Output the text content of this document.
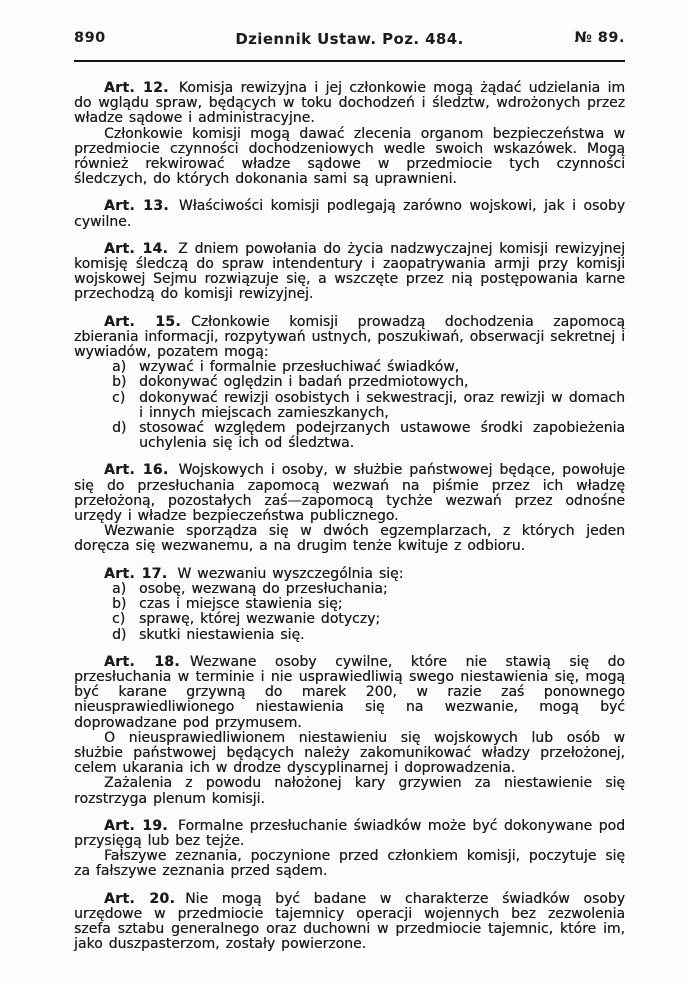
890	Dziennik Ustaw. Poz. 484.	№ 89.

Art. 12. Komisja rewizyjna i jej członkowie mogą żądać udzielania im do wglądu spraw, będących w toku dochodzeń i śledztw, wdrożonych przez władze sądowe i administracyjne.

Członkowie komisji mogą dawać zlecenia organom bezpieczeństwa w przedmiocie czynności dochodzeniowych wedle swoich wskazówek. Mogą również rekwirować władze sądowe w przedmiocie tych czynności śledczych, do których dokonania sami są uprawnieni.

Art. 13. Właściwości komisji podlegają zarówno wojskowi, jak i osoby cywilne.

Art. 14. Z dniem powołania do życia nadzwyczajnej komisji rewizyjnej komisję śledczą do spraw intendentury i zaopatrywania armji przy komisji wojskowej Sejmu rozwiązuje się, a wszczęte przez nią postępowania karne przechodzą do komisji rewizyjnej.

Art. 15. Członkowie komisji prowadzą dochodzenia zapomocą zbierania informacji, rozpytywań ustnych, poszukiwań, obserwacji sekretnej i wywiadów, pozatem mogą:

a) wzywać i formalnie przesłuchiwać świadków,
b) dokonywać oględzin i badań przedmiotowych,
c) dokonywać rewizji osobistych i sekwestracji, oraz rewizji w domach i innych miejscach zamieszkanych,
d) stosować względem podejrzanych ustawowe środki zapobieżenia uchylenia się ich od śledztwa.

Art. 16. Wojskowych i osoby, w służbie państwowej będące, powołuje się do przesłuchania zapomocą wezwań na piśmie przez ich władzę przełożoną, pozostałych zaś—zapomocą tychże wezwań przez odnośne urzędy i władze bezpieczeństwa publicznego.

Wezwanie sporządza się w dwóch egzemplarzach, z których jeden doręcza się wezwanemu, a na drugim tenże kwituje z odbioru.

Art. 17. W wezwaniu wyszczególnia się:

a) osobę, wezwaną do przesłuchania;
b) czas i miejsce stawienia się;
c) sprawę, której wezwanie dotyczy;
d) skutki niestawienia się.

Art. 18. Wezwane osoby cywilne, które nie stawią się do przesłuchania w terminie i nie usprawiedliwią swego niestawienia się, mogą być karane grzywną do marek 200, w razie zaś ponownego nieusprawiedliwionego niestawienia się na wezwanie, mogą być doprowadzane pod przymusem.

O nieusprawiedliwionem niestawieniu się wojskowych lub osób w służbie państwowej będących należy zakomunikować władzy przełożonej, celem ukarania ich w drodze dyscyplinarnej i doprowadzenia.

Zażalenia z powodu nałożonej kary grzywien za niestawienie się rozstrzyga plenum komisji.

Art. 19. Formalne przesłuchanie świadków może być dokonywane pod przysięgą lub bez tejże.

Fałszywe zeznania, poczynione przed członkiem komisji, poczytuje się za fałszywe zeznania przed sądem.

Art. 20. Nie mogą być badane w charakterze świadków osoby urzędowe w przedmiocie tajemnicy operacji wojennych bez zezwolenia szefa sztabu generalnego oraz duchowni w przedmiocie tajemnic, które im, jako duszpasterzom, zostały powierzone.
